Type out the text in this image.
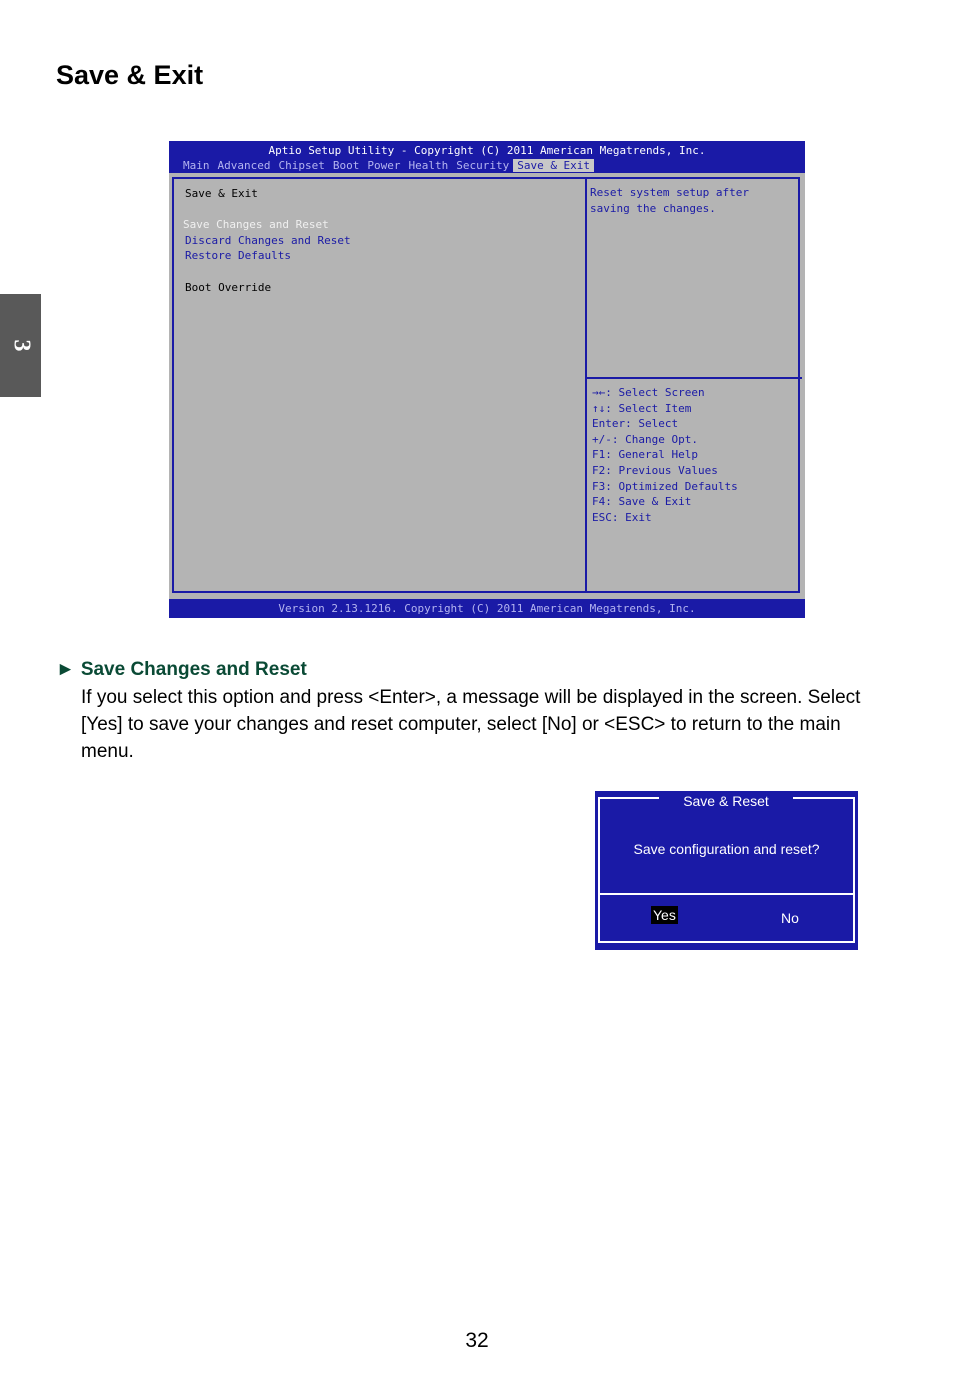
Save & Exit
3
Aptio Setup Utility - Copyright (C) 2011 American Megatrends, Inc.
Main Advanced Chipset Boot Power Health Security Save & Exit
Save & Exit

Save Changes and Reset
Discard Changes and Reset
Restore Defaults

Boot Override
Reset system setup after saving the changes.
→←: Select Screen
↑↓: Select Item
Enter: Select
+/-: Change Opt.
F1: General Help
F2: Previous Values
F3: Optimized Defaults
F4: Save & Exit
ESC: Exit
Version 2.13.1216. Copyright (C) 2011 American Megatrends, Inc.
► Save Changes and Reset

If you select this option and press <Enter>, a message will be displayed in the screen. Select [Yes] to save your changes and reset computer, select [No] or <ESC> to return to the main menu.

Save & Reset
Save configuration and reset?
Yes	No
32
